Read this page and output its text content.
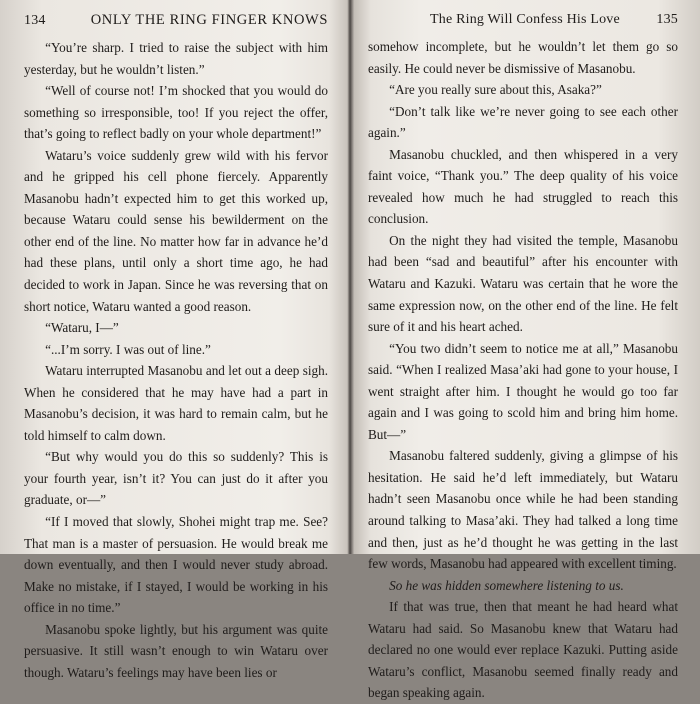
134	ONLY THE RING FINGER KNOWS

“You’re sharp. I tried to raise the subject with him yesterday, but he wouldn’t listen.”

“Well of course not! I’m shocked that you would do something so irresponsible, too! If you reject the offer, that’s going to reflect badly on your whole department!”

Wataru’s voice suddenly grew wild with his fervor and he gripped his cell phone fiercely. Apparently Masanobu hadn’t expected him to get this worked up, because Wataru could sense his bewilderment on the other end of the line. No matter how far in advance he’d had these plans, until only a short time ago, he had decided to work in Japan. Since he was reversing that on short notice, Wataru wanted a good reason.

“Wataru, I—”

“...I’m sorry. I was out of line.”

Wataru interrupted Masanobu and let out a deep sigh. When he considered that he may have had a part in Masanobu’s decision, it was hard to remain calm, but he told himself to calm down.

“But why would you do this so suddenly? This is your fourth year, isn’t it? You can just do it after you graduate, or—”

“If I moved that slowly, Shohei might trap me. See? That man is a master of persuasion. He would break me down eventually, and then I would never study abroad. Make no mistake, if I stayed, I would be working in his office in no time.”

Masanobu spoke lightly, but his argument was quite persuasive. It still wasn’t enough to win Wataru over though. Wataru’s feelings may have been lies or

The Ring Will Confess His Love	135

somehow incomplete, but he wouldn’t let them go so easily. He could never be dismissive of Masanobu.

“Are you really sure about this, Asaka?”

“Don’t talk like we’re never going to see each other again.”

Masanobu chuckled, and then whispered in a very faint voice, “Thank you.” The deep quality of his voice revealed how much he had struggled to reach this conclusion.

On the night they had visited the temple, Masanobu had been “sad and beautiful” after his encounter with Wataru and Kazuki. Wataru was certain that he wore the same expression now, on the other end of the line. He felt sure of it and his heart ached.

“You two didn’t seem to notice me at all,” Masanobu said. “When I realized Masa’aki had gone to your house, I went straight after him. I thought he would go too far again and I was going to scold him and bring him home. But—”

Masanobu faltered suddenly, giving a glimpse of his hesitation. He said he’d left immediately, but Wataru hadn’t seen Masanobu once while he had been standing around talking to Masa’aki. They had talked a long time and then, just as he’d thought he was getting in the last few words, Masanobu had appeared with excellent timing.

So he was hidden somewhere listening to us.

If that was true, then that meant he had heard what Wataru had said. So Masanobu knew that Wataru had declared no one would ever replace Kazuki. Putting aside Wataru’s conflict, Masanobu seemed finally ready and began speaking again.
